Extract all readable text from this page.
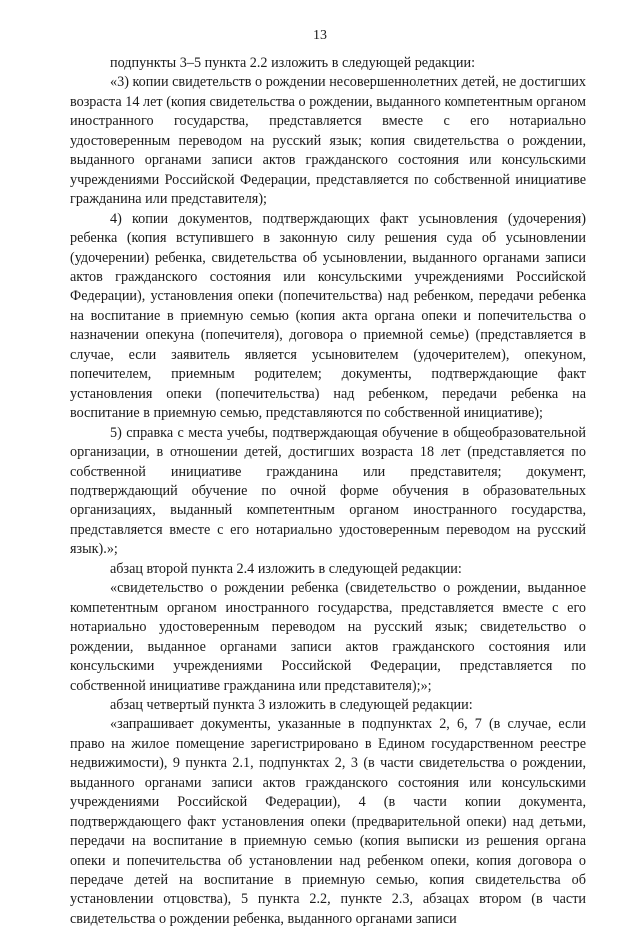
13

подпункты 3–5 пункта 2.2 изложить в следующей редакции:

«3) копии свидетельств о рождении несовершеннолетних детей, не достигших возраста 14 лет (копия свидетельства о рождении, выданного компетентным органом иностранного государства, представляется вместе с его нотариально удостоверенным переводом на русский язык; копия свидетельства о рождении, выданного органами записи актов гражданского состояния или консульскими учреждениями Российской Федерации, представляется по собственной инициативе гражданина или представителя);

4) копии документов, подтверждающих факт усыновления (удочерения) ребенка (копия вступившего в законную силу решения суда об усыновлении (удочерении) ребенка, свидетельства об усыновлении, выданного органами записи актов гражданского состояния или консульскими учреждениями Российской Федерации), установления опеки (попечительства) над ребенком, передачи ребенка на воспитание в приемную семью (копия акта органа опеки и попечительства о назначении опекуна (попечителя), договора о приемной семье) (представляется в случае, если заявитель является усыновителем (удочерителем), опекуном, попечителем, приемным родителем; документы, подтверждающие факт установления опеки (попечительства) над ребенком, передачи ребенка на воспитание в приемную семью, представляются по собственной инициативе);

5) справка с места учебы, подтверждающая обучение в общеобразовательной организации, в отношении детей, достигших возраста 18 лет (представляется по собственной инициативе гражданина или представителя; документ, подтверждающий обучение по очной форме обучения в образовательных организациях, выданный компетентным органом иностранного государства, представляется вместе с его нотариально удостоверенным переводом на русский язык).»;

абзац второй пункта 2.4 изложить в следующей редакции:

«свидетельство о рождении ребенка (свидетельство о рождении, выданное компетентным органом иностранного государства, представляется вместе с его нотариально удостоверенным переводом на русский язык; свидетельство о рождении, выданное органами записи актов гражданского состояния или консульскими учреждениями Российской Федерации, представляется по собственной инициативе гражданина или представителя);»;

абзац четвертый пункта 3 изложить в следующей редакции:

«запрашивает документы, указанные в подпунктах 2, 6, 7 (в случае, если право на жилое помещение зарегистрировано в Едином государственном реестре недвижимости), 9 пункта 2.1, подпунктах 2, 3 (в части свидетельства о рождении, выданного органами записи актов гражданского состояния или консульскими учреждениями Российской Федерации), 4 (в части копии документа, подтверждающего факт установления опеки (предварительной опеки) над детьми, передачи на воспитание в приемную семью (копия выписки из решения органа опеки и попечительства об установлении над ребенком опеки, копия договора о передаче детей на воспитание в приемную семью, копия свидетельства об установлении отцовства), 5 пункта 2.2, пункте 2.3, абзацах втором (в части свидетельства о рождении ребенка, выданного органами записи
